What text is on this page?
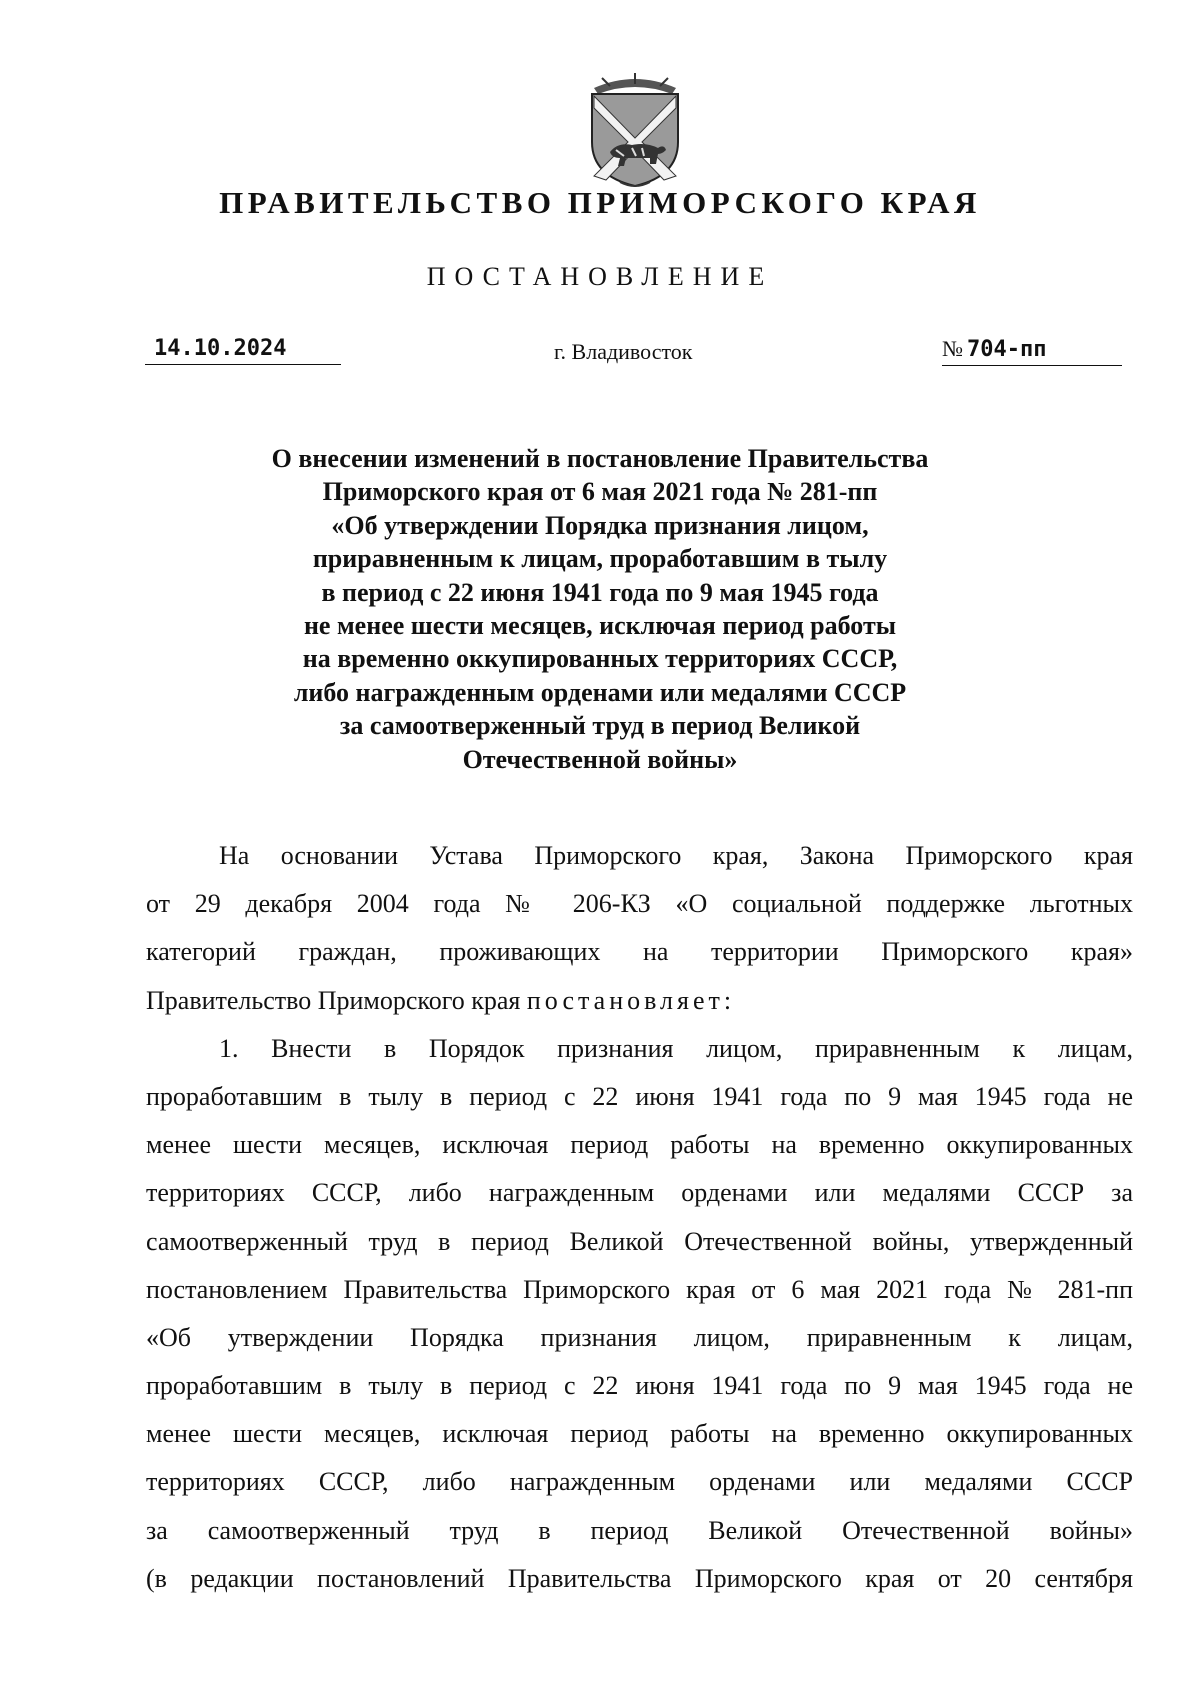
ПРАВИТЕЛЬСТВО ПРИМОРСКОГО КРАЯ
ПОСТАНОВЛЕНИЕ
14.10.2024	г. Владивосток	№ 704-пп
О внесении изменений в постановление Правительства
Приморского края от 6 мая 2021 года № 281-пп
«Об утверждении Порядка признания лицом,
приравненным к лицам, проработавшим в тылу
в период с 22 июня 1941 года по 9 мая 1945 года
не менее шести месяцев, исключая период работы
на временно оккупированных территориях СССР,
либо награжденным орденами или медалями СССР
за самоотверженный труд в период Великой
Отечественной войны»
На основании Устава Приморского края, Закона Приморского края
от 29 декабря 2004 года № 206-КЗ «О социальной поддержке льготных
категорий граждан, проживающих на территории Приморского края»
Правительство Приморского края постановляет:
1. Внести в Порядок признания лицом, приравненным к лицам,
проработавшим в тылу в период с 22 июня 1941 года по 9 мая 1945 года не
менее шести месяцев, исключая период работы на временно оккупированных
территориях СССР, либо награжденным орденами или медалями СССР за
самоотверженный труд в период Великой Отечественной войны, утвержденный
постановлением Правительства Приморского края от 6 мая 2021 года № 281-пп
«Об утверждении Порядка признания лицом, приравненным к лицам,
проработавшим в тылу в период с 22 июня 1941 года по 9 мая 1945 года не
менее шести месяцев, исключая период работы на временно оккупированных
территориях СССР, либо награжденным орденами или медалями СССР
за самоотверженный труд в период Великой Отечественной войны»
(в редакции постановлений Правительства Приморского края от 20 сентября
